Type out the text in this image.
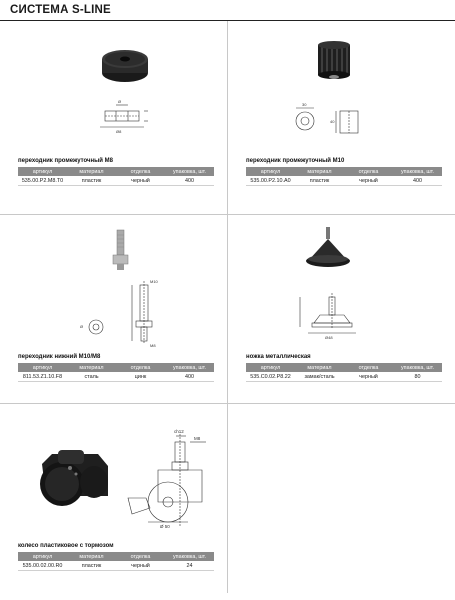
СИСТЕМА S-LINE
Ø
Ø8
переходник промежуточный M8
артикул	материал	отделка	упаковка, шт.
535.00.P2.M8.T0	пластик	черный	400
30
40
переходник промежуточный M10
артикул	материал	отделка	упаковка, шт.
535.00.P2.10.A0	пластик	черный	400
Ø
M8
M10
переходник нижний M10/M8
артикул	материал	отделка	упаковка, шт.
811.53.Z1.10.F8	сталь	цинк	400
Ø48
ножка металлическая
артикул	материал	отделка	упаковка, шт.
535.C0.02.P8.22	замак/сталь	черный	80
ch12
M8
Ø 50
колесо пластиковое с тормозом
артикул	материал	отделка	упаковка, шт.
535.00.02.00.R0	пластик	черный	24
